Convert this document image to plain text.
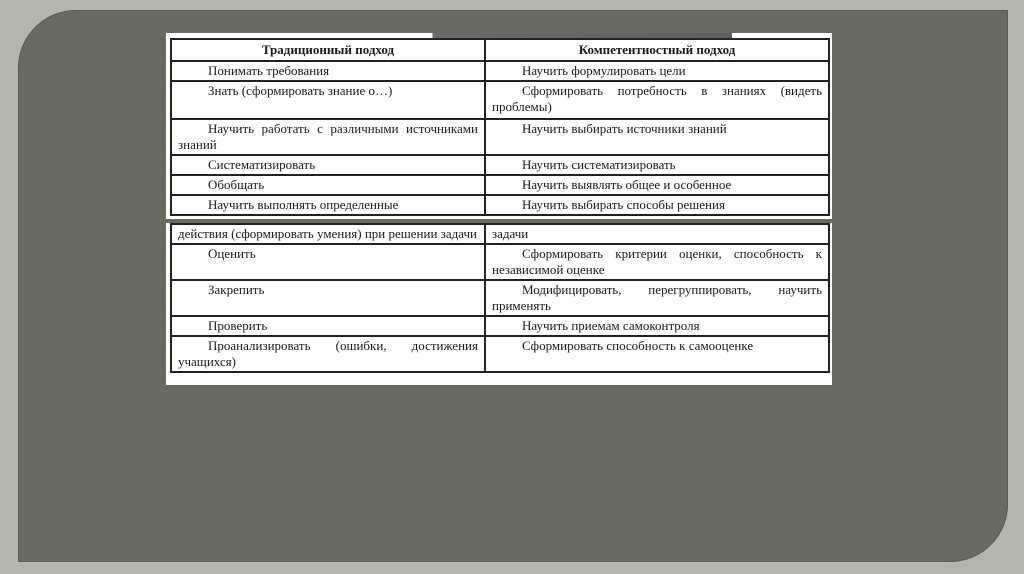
Традиционный подход	Компетентностный подход
Понимать требования	Научить формулировать цели
Знать (сформировать знание о…)	Сформировать потребность в знаниях (видеть проблемы)
Научить работать с различными источниками знаний	Научить выбирать источники знаний
Систематизировать	Научить систематизировать
Обобщать	Научить выявлять общее и особенное
Научить выполнять определенные	Научить выбирать способы решения
действия (сформировать умения) при решении задачи	задачи
Оценить	Сформировать критерии оценки, способность к независимой оценке
Закрепить	Модифицировать, перегруппировать, научить применять
Проверить	Научить приемам самоконтроля
Проанализировать (ошибки, достижения учащихся)	Сформировать способность к самооценке
